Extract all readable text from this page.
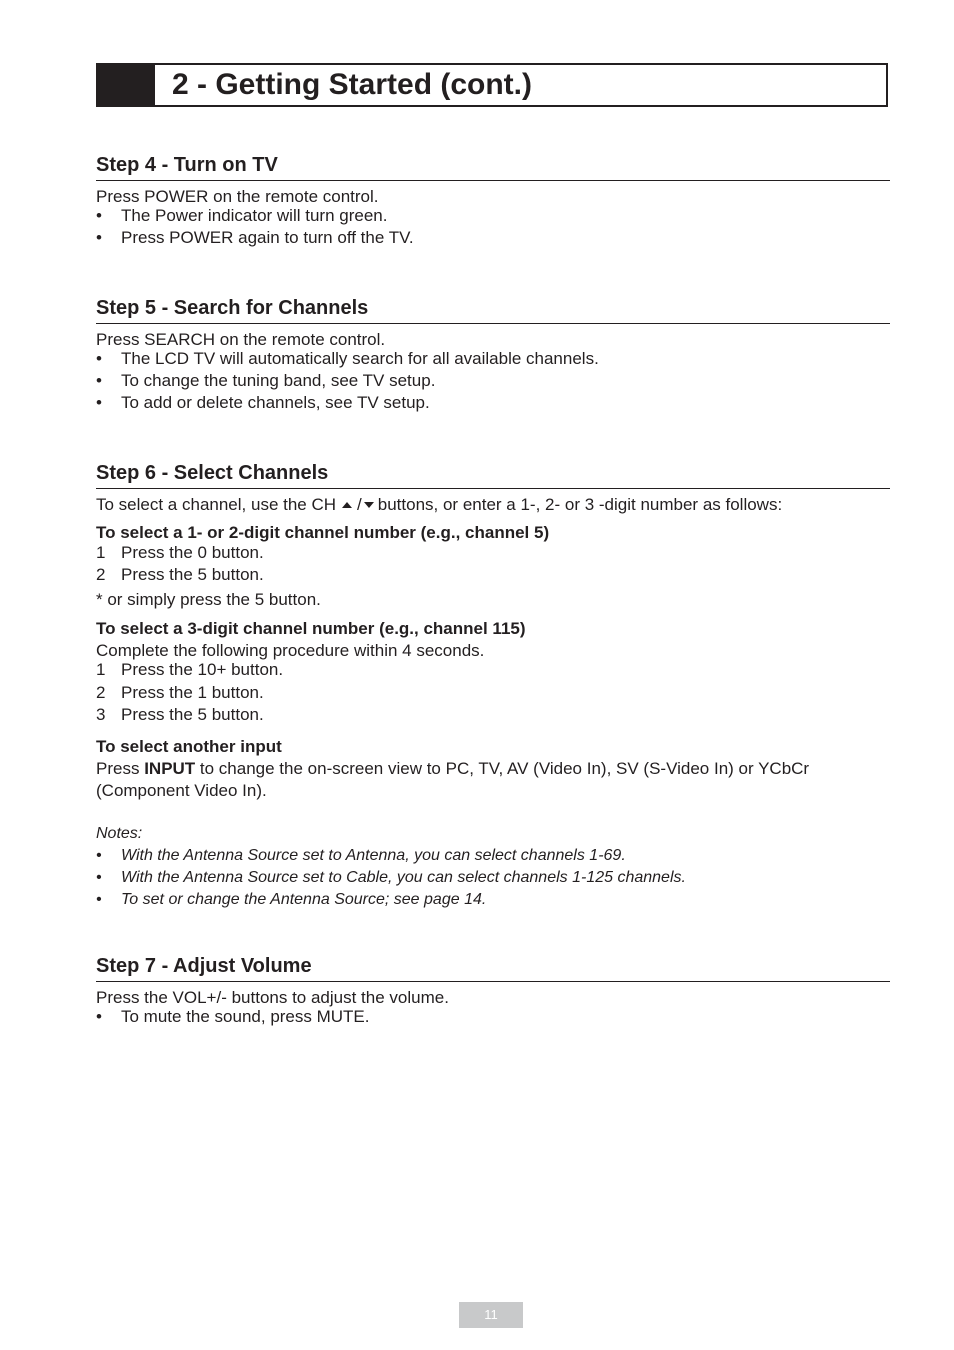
2 - Getting Started (cont.)
Step 4 - Turn on TV
Press POWER on the remote control.
• The Power indicator will turn green.
• Press POWER again to turn off the TV.
Step 5 - Search for Channels
Press SEARCH on the remote control.
• The LCD TV will automatically search for all available channels.
• To change the tuning band, see TV setup.
• To add or delete channels, see TV setup.
Step 6 - Select Channels
To select a channel, use the CH / buttons, or enter a 1-, 2- or 3 -digit number as follows:
To select a 1- or 2-digit channel number (e.g., channel 5)
1 Press the 0 button.
2 Press the 5 button.
* or simply press the 5 button.
To select a 3-digit channel number (e.g., channel 115)
Complete the following procedure within 4 seconds.
1 Press the 10+ button.
2 Press the 1 button.
3 Press the 5 button.
To select another input
Press INPUT to change the on-screen view to PC, TV, AV (Video In), SV (S-Video In) or YCbCr
(Component Video In).
Notes:
• With the Antenna Source set to Antenna, you can select channels 1-69.
• With the Antenna Source set to Cable, you can select channels 1-125 channels.
• To set or change the Antenna Source; see page 14.
Step 7 - Adjust Volume
Press the VOL+/- buttons to adjust the volume.
• To mute the sound, press MUTE.
11
